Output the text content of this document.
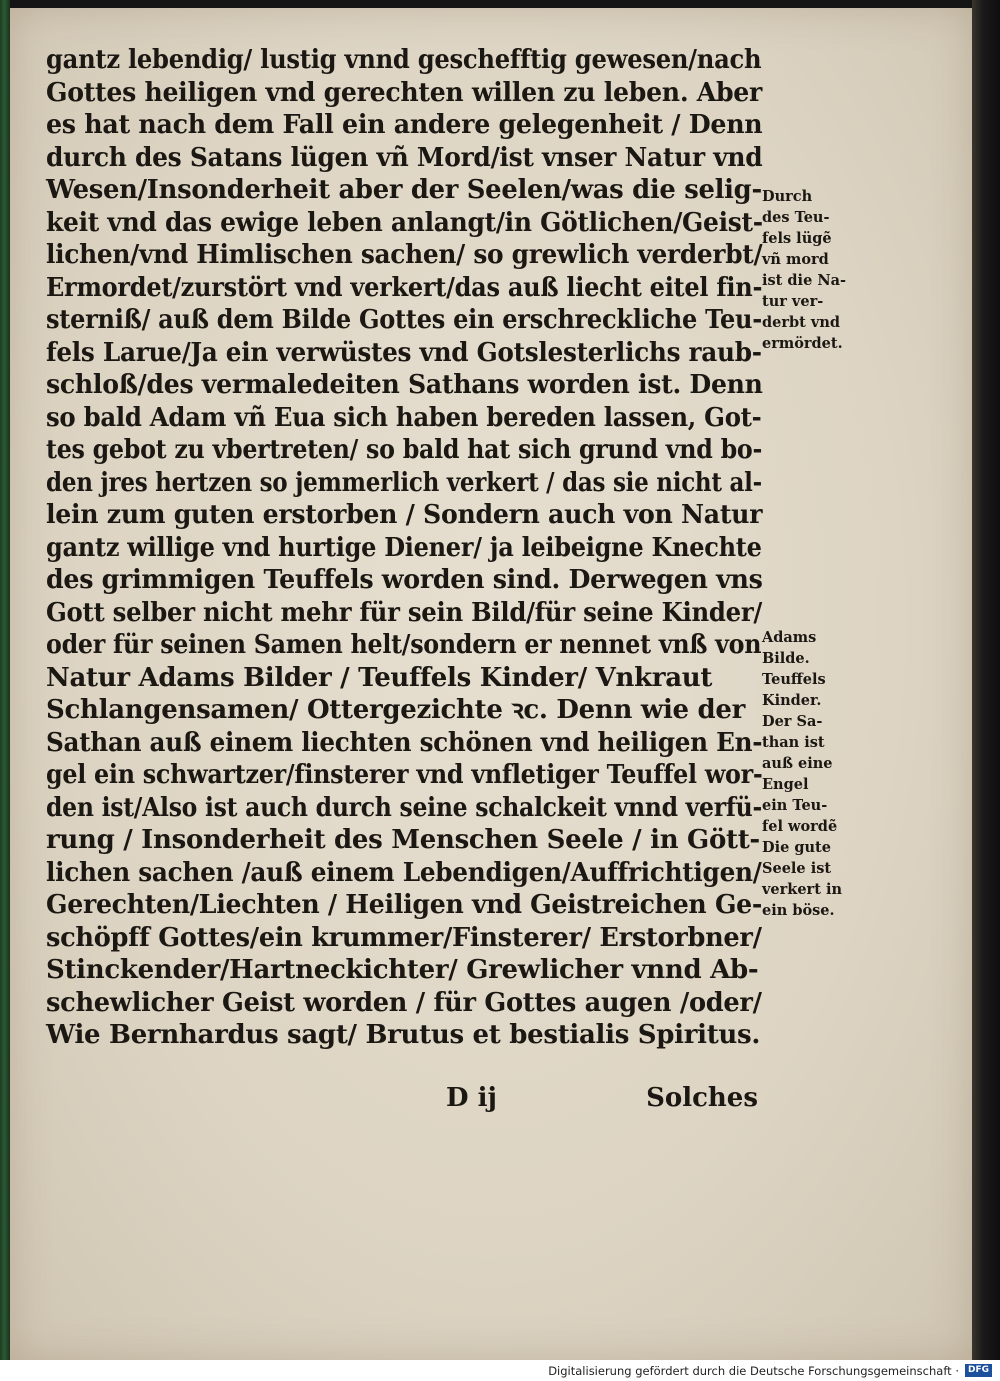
gantz lebendig/ lustig vnnd geschefftig gewesen/nach
Gottes heiligen vnd gerechten willen zu leben. Aber
es hat nach dem Fall ein andere gelegenheit / Denn
durch des Satans lügen vñ Mord/ist vnser Natur vnd
Wesen/Insonderheit aber der Seelen/was die selig-
keit vnd das ewige leben anlangt/in Götlichen/Geist-
lichen/vnd Himlischen sachen/ so grewlich verderbt/
Ermordet/zurstört vnd verkert/das auß liecht eitel fin-
sterniß/ auß dem Bilde Gottes ein erschreckliche Teu-
fels Larue/Ja ein verwüstes vnd Gotslesterlichs raub-
schloß/des vermaledeiten Sathans worden ist. Denn
so bald Adam vñ Eua sich haben bereden lassen, Got-
tes gebot zu vbertreten/ so bald hat sich grund vnd bo-
den jres hertzen so jemmerlich verkert / das sie nicht al-
lein zum guten erstorben / Sondern auch von Natur
gantz willige vnd hurtige Diener/ ja leibeigne Knechte
des grimmigen Teuffels worden sind. Derwegen vns
Gott selber nicht mehr für sein Bild/für seine Kinder/
oder für seinen Samen helt/sondern er nennet vnß von
Natur Adams Bilder / Teuffels Kinder/ Vnkraut
Schlangensamen/ Ottergezichte ꝛc. Denn wie der
Sathan auß einem liechten schönen vnd heiligen En-
gel ein schwartzer/finsterer vnd vnfletiger Teuffel wor-
den ist/Also ist auch durch seine schalckeit vnnd verfü-
rung / Insonderheit des Menschen Seele / in Gött-
lichen sachen /auß einem Lebendigen/Auffrichtigen/
Gerechten/Liechten / Heiligen vnd Geistreichen Ge-
schöpff Gottes/ein krummer/Finsterer/ Erstorbner/
Stinckender/Hartneckichter/ Grewlicher vnnd Ab-
schewlicher Geist worden / für Gottes augen /oder/
Wie Bernhardus sagt/ Brutus et bestialis Spiritus.
Durch
des Teu-
fels lügẽ
vñ mord
ist die Na-
tur ver-
derbt vnd
ermördet.
Adams
Bilde.
Teuffels
Kinder.
Der Sa-
than ist
auß eine
Engel
ein Teu-
fel wordẽ
Die gute
Seele ist
verkert in
ein böse.
D ij	Solches
Digitalisierung gefördert durch die Deutsche Forschungsgemeinschaft ·	DFG
